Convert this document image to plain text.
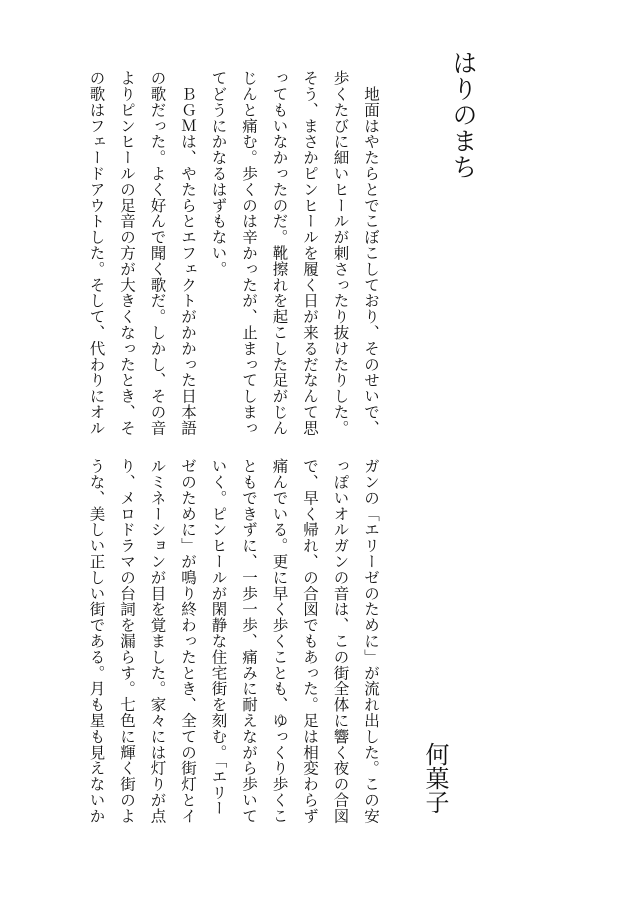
はりのまち
　地面はやたらとでこぼこしており、そのせいで、
歩くたびに細いヒールが刺さったり抜けたりした。
そう、まさかピンヒールを履く日が来るだなんて思
ってもいなかったのだ。靴擦れを起こした足がじん
じんと痛む。歩くのは辛かったが、止まってしまっ
てどうにかなるはずもない。
　ＢＧＭは、やたらとエフェクトがかかった日本語
の歌だった。よく好んで聞く歌だ。しかし、その音
よりピンヒールの足音の方が大きくなったとき、そ
の歌はフェードアウトした。そして、代わりにオル
ガンの「エリーゼのために」が流れ出した。この安
っぽいオルガンの音は、この街全体に響く夜の合図
で、早く帰れ、の合図でもあった。足は相変わらず
痛んでいる。更に早く歩くことも、ゆっくり歩くこ
ともできずに、一歩一歩、痛みに耐えながら歩いて
いく。ピンヒールが閑静な住宅街を刻む。「エリー
ゼのために」が鳴り終わったとき、全ての街灯とイ
ルミネーションが目を覚ました。家々には灯りが点
り、メロドラマの台詞を漏らす。七色に輝く街のよ
うな、美しい正しい街である。月も星も見えないか	何菓子
